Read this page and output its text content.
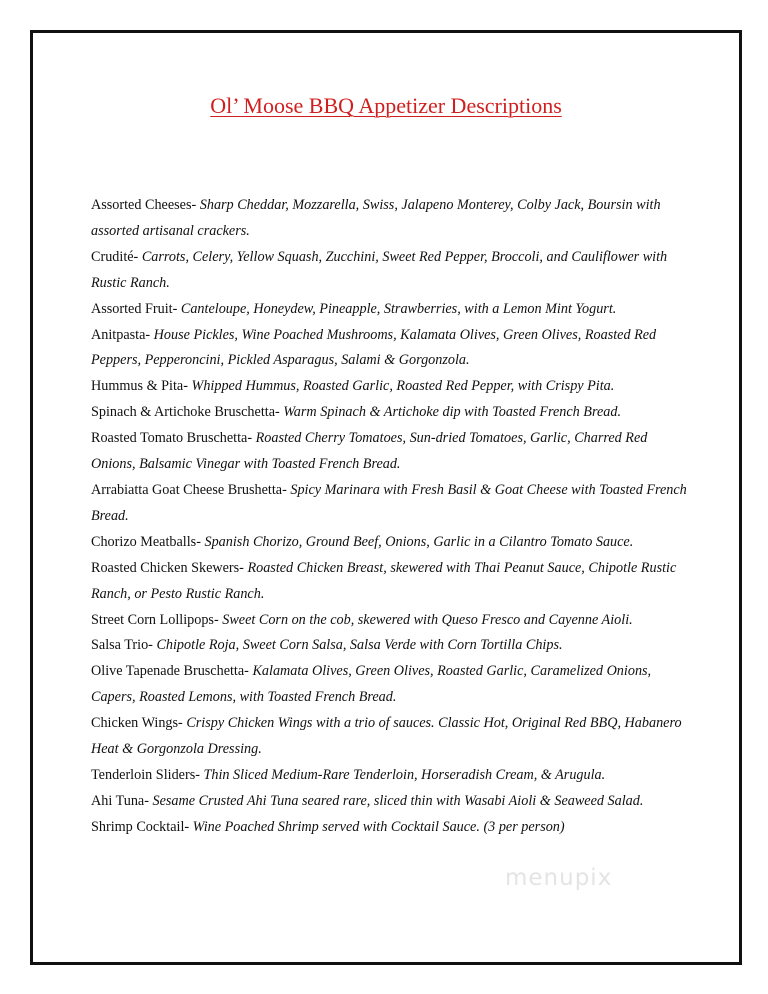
Ol’ Moose BBQ Appetizer Descriptions

Assorted Cheeses- Sharp Cheddar, Mozzarella, Swiss, Jalapeno Monterey, Colby Jack, Boursin with assorted artisanal crackers.

Crudité- Carrots, Celery, Yellow Squash, Zucchini, Sweet Red Pepper, Broccoli, and Cauliflower with Rustic Ranch.

Assorted Fruit- Canteloupe, Honeydew, Pineapple, Strawberries, with a Lemon Mint Yogurt.

Anitpasta- House Pickles, Wine Poached Mushrooms, Kalamata Olives, Green Olives, Roasted Red Peppers, Pepperoncini, Pickled Asparagus, Salami & Gorgonzola.

Hummus & Pita- Whipped Hummus, Roasted Garlic, Roasted Red Pepper, with Crispy Pita.

Spinach & Artichoke Bruschetta- Warm Spinach & Artichoke dip with Toasted French Bread.

Roasted Tomato Bruschetta- Roasted Cherry Tomatoes, Sun-dried Tomatoes, Garlic, Charred Red Onions, Balsamic Vinegar with Toasted French Bread.

Arrabiatta Goat Cheese Brushetta- Spicy Marinara with Fresh Basil & Goat Cheese with Toasted French Bread.

Chorizo Meatballs- Spanish Chorizo, Ground Beef, Onions, Garlic in a Cilantro Tomato Sauce.

Roasted Chicken Skewers- Roasted Chicken Breast, skewered with Thai Peanut Sauce, Chipotle Rustic Ranch, or Pesto Rustic Ranch.

Street Corn Lollipops- Sweet Corn on the cob, skewered with Queso Fresco and Cayenne Aioli.

Salsa Trio- Chipotle Roja, Sweet Corn Salsa, Salsa Verde with Corn Tortilla Chips.

Olive Tapenade Bruschetta- Kalamata Olives, Green Olives, Roasted Garlic, Caramelized Onions, Capers, Roasted Lemons, with Toasted French Bread.

Chicken Wings- Crispy Chicken Wings with a trio of sauces. Classic Hot, Original Red BBQ, Habanero Heat & Gorgonzola Dressing.

Tenderloin Sliders- Thin Sliced Medium-Rare Tenderloin, Horseradish Cream, & Arugula.

Ahi Tuna- Sesame Crusted Ahi Tuna seared rare, sliced thin with Wasabi Aioli & Seaweed Salad.

Shrimp Cocktail- Wine Poached Shrimp served with Cocktail Sauce. (3 per person)

menupix
